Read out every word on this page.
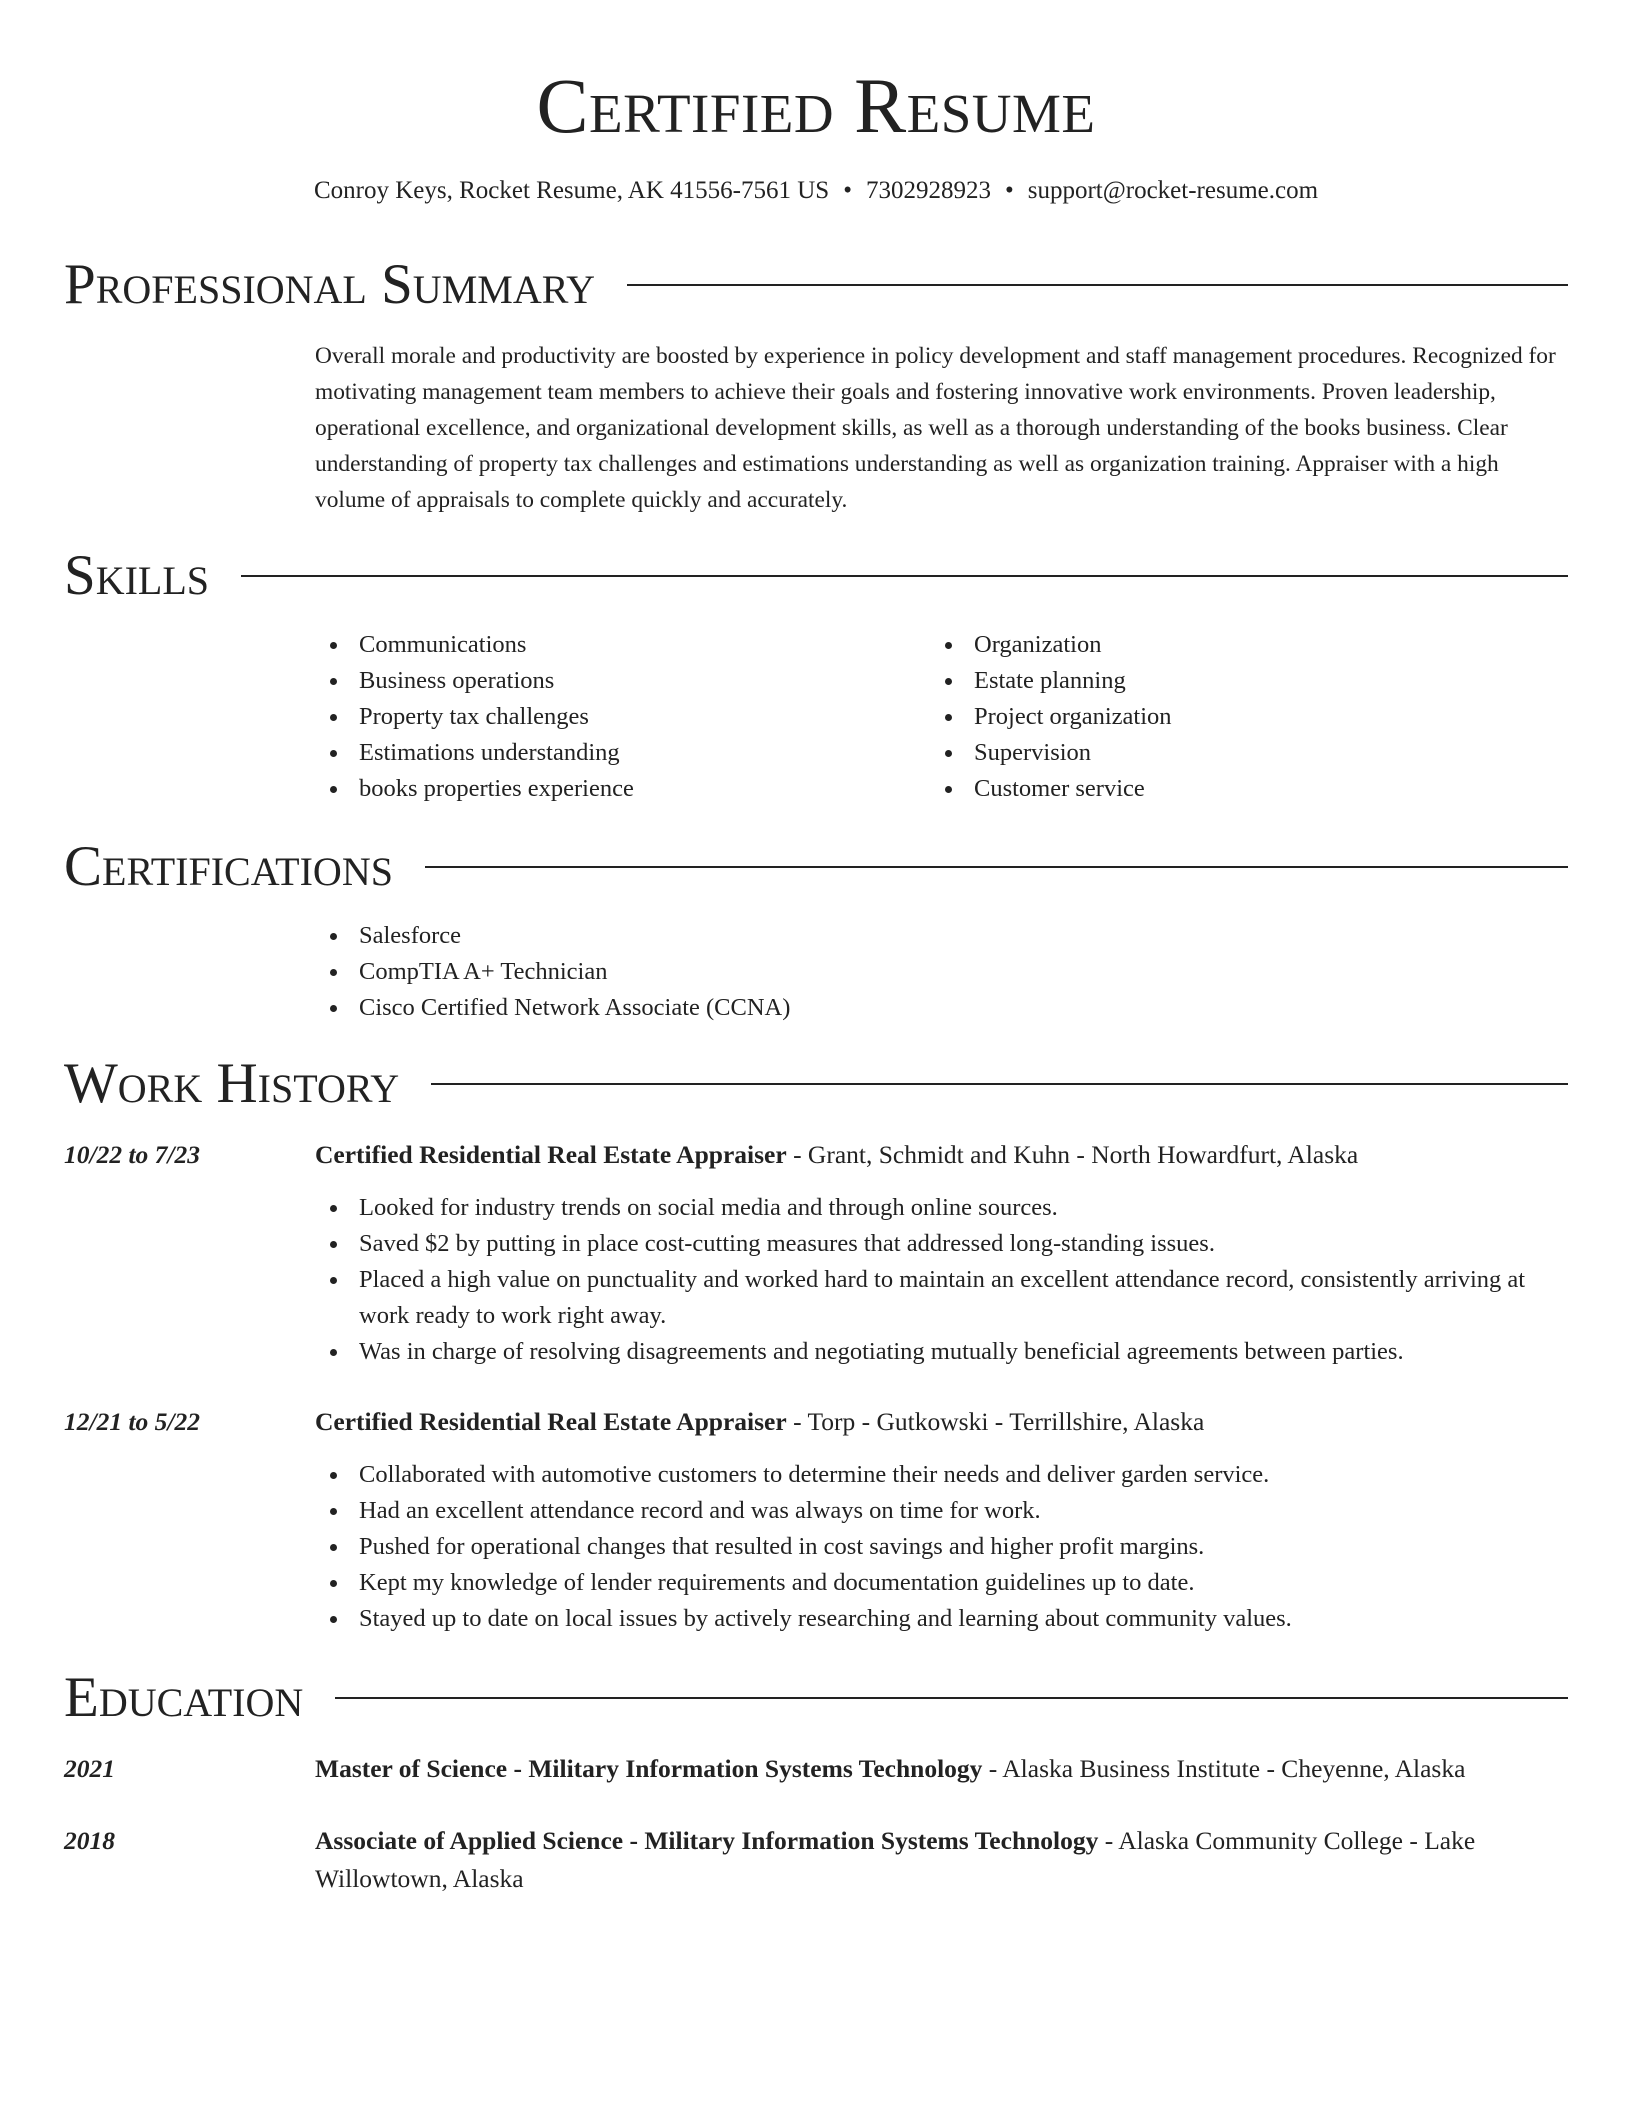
Certified Resume
Conroy Keys, Rocket Resume, AK 41556-7561 US • 7302928923 • support@rocket-resume.com
Professional Summary
Overall morale and productivity are boosted by experience in policy development and staff management procedures. Recognized for motivating management team members to achieve their goals and fostering innovative work environments. Proven leadership, operational excellence, and organizational development skills, as well as a thorough understanding of the books business. Clear understanding of property tax challenges and estimations understanding as well as organization training. Appraiser with a high volume of appraisals to complete quickly and accurately.
Skills
Communications
Business operations
Property tax challenges
Estimations understanding
books properties experience
Organization
Estate planning
Project organization
Supervision
Customer service
Certifications
Salesforce
CompTIA A+ Technician
Cisco Certified Network Associate (CCNA)
Work History
10/22 to 7/23	Certified Residential Real Estate Appraiser - Grant, Schmidt and Kuhn - North Howardfurt, Alaska
Looked for industry trends on social media and through online sources.
Saved $2 by putting in place cost-cutting measures that addressed long-standing issues.
Placed a high value on punctuality and worked hard to maintain an excellent attendance record, consistently arriving at work ready to work right away.
Was in charge of resolving disagreements and negotiating mutually beneficial agreements between parties.
12/21 to 5/22	Certified Residential Real Estate Appraiser - Torp - Gutkowski - Terrillshire, Alaska
Collaborated with automotive customers to determine their needs and deliver garden service.
Had an excellent attendance record and was always on time for work.
Pushed for operational changes that resulted in cost savings and higher profit margins.
Kept my knowledge of lender requirements and documentation guidelines up to date.
Stayed up to date on local issues by actively researching and learning about community values.
Education
2021	Master of Science - Military Information Systems Technology - Alaska Business Institute - Cheyenne, Alaska
2018	Associate of Applied Science - Military Information Systems Technology - Alaska Community College - Lake Willowtown, Alaska
